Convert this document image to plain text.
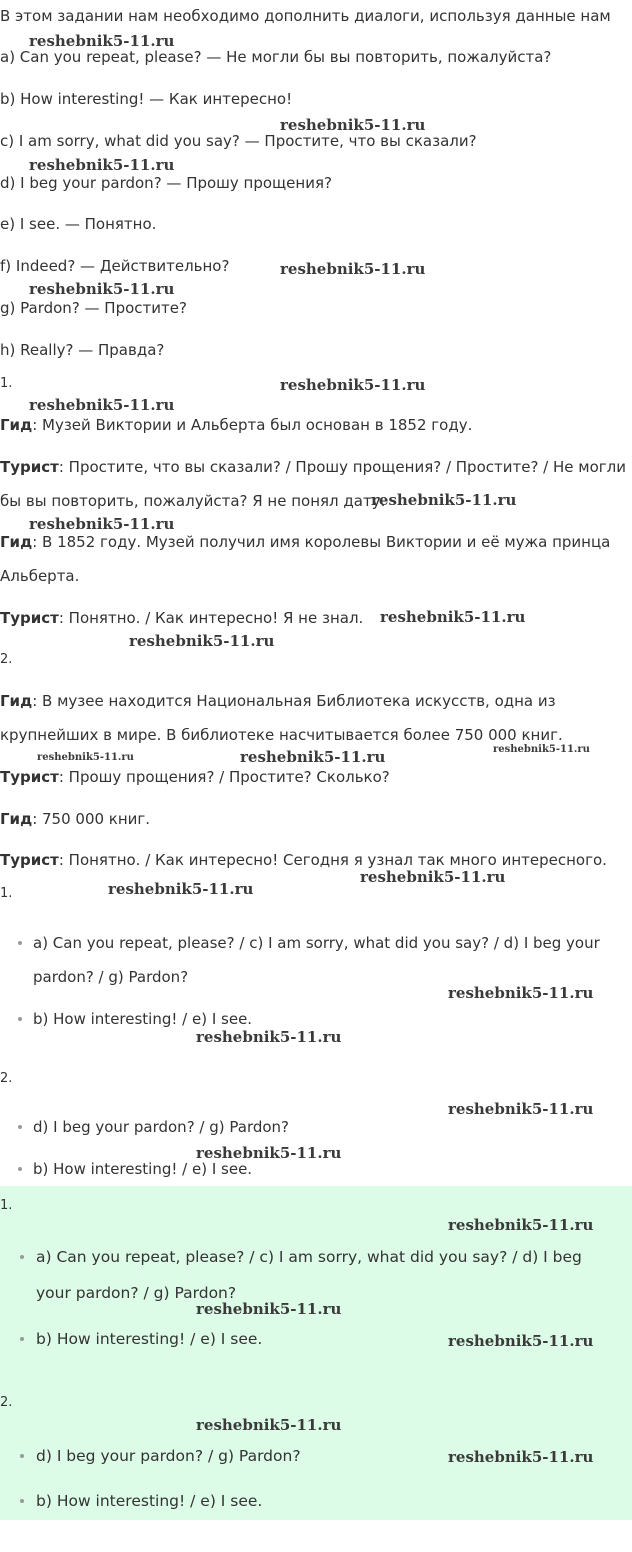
В этом задании нам необходимо дополнить диалоги, используя данные нам
a) Can you repeat, please? — Не могли бы вы повторить, пожалуйста?
b) How interesting! — Как интересно!
c) I am sorry, what did you say? — Простите, что вы сказали?
d) I beg your pardon? — Прошу прощения?
e) I see. — Понятно.
f) Indeed? — Действительно?
g) Pardon? — Простите?
h) Really? — Правда?
1.
Гид: Музей Виктории и Альберта был основан в 1852 году.
Турист: Простите, что вы сказали? / Прошу прощения? / Простите? / Не могли
бы вы повторить, пожалуйста? Я не понял дату.
Гид: В 1852 году. Музей получил имя королевы Виктории и её мужа принца
Альберта.
Турист: Понятно. / Как интересно! Я не знал.
2.
Гид: В музее находится Национальная Библиотека искусств, одна из
крупнейших в мире. В библиотеке насчитывается более 750 000 книг.
Турист: Прошу прощения? / Простите? Сколько?
Гид: 750 000 книг.
Турист: Понятно. / Как интересно! Сегодня я узнал так много интересного.
1.
a) Can you repeat, please? / c) I am sorry, what did you say? / d) I beg your
pardon? / g) Pardon?
b) How interesting! / e) I see.
2.
d) I beg your pardon? / g) Pardon?
b) How interesting! / e) I see.
1.
a) Can you repeat, please? / c) I am sorry, what did you say? / d) I beg
your pardon? / g) Pardon?
b) How interesting! / e) I see.
2.
d) I beg your pardon? / g) Pardon?
b) How interesting! / e) I see.
reshebnik5-11.ru
reshebnik5-11.ru
reshebnik5-11.ru
reshebnik5-11.ru
reshebnik5-11.ru
reshebnik5-11.ru
reshebnik5-11.ru
reshebnik5-11.ru
reshebnik5-11.ru
reshebnik5-11.ru
reshebnik5-11.ru
reshebnik5-11.ru	reshebnik5-11.ru	reshebnik5-11.ru
reshebnik5-11.ru
reshebnik5-11.ru
reshebnik5-11.ru
reshebnik5-11.ru
reshebnik5-11.ru
reshebnik5-11.ru
reshebnik5-11.ru
reshebnik5-11.ru
reshebnik5-11.ru
reshebnik5-11.ru
reshebnik5-11.ru
